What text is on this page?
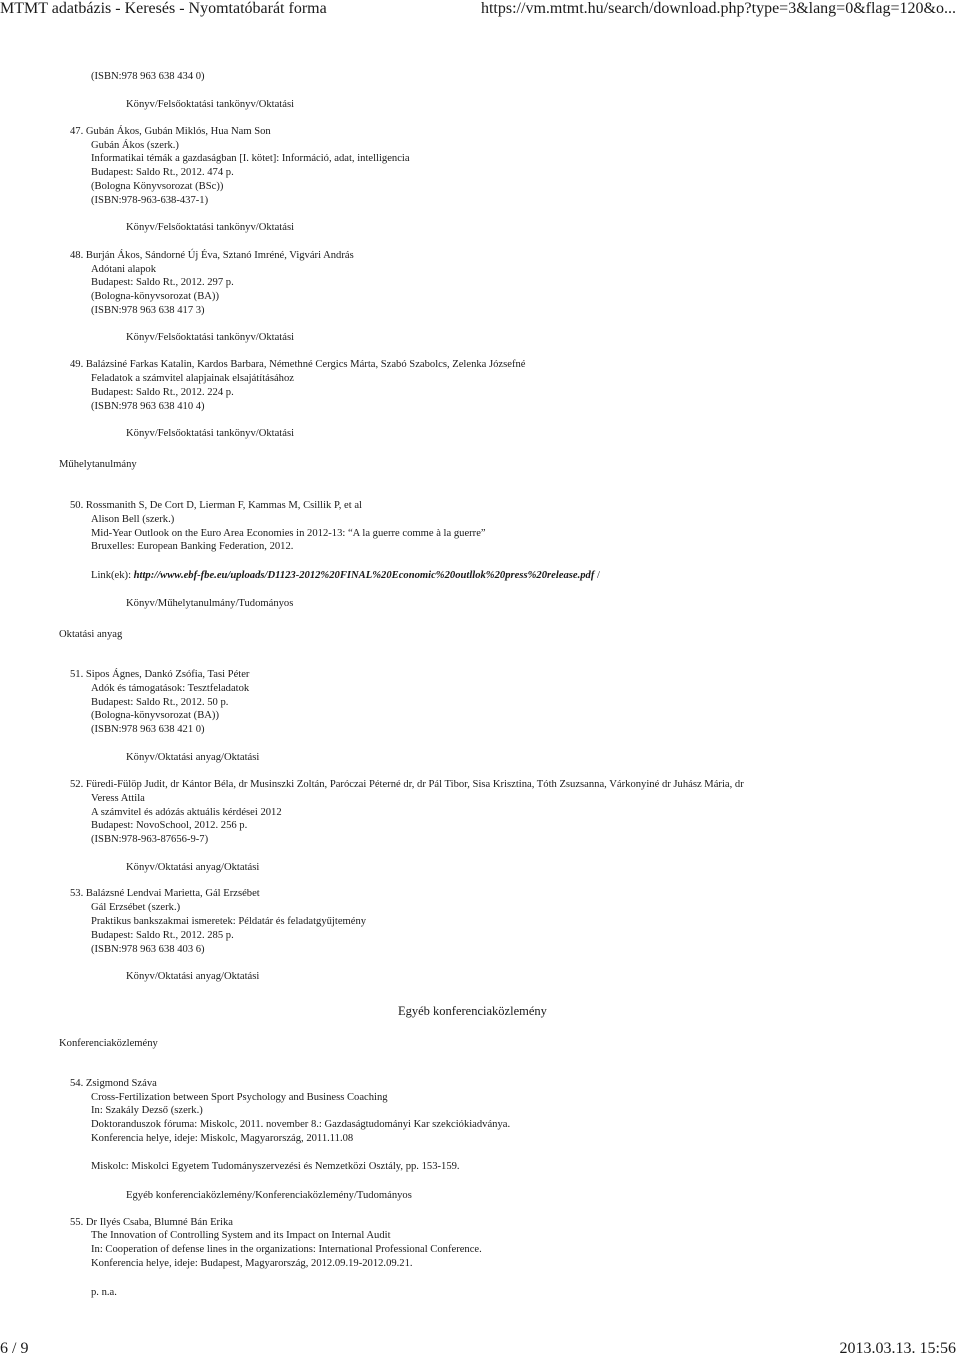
MTMT adatbázis - Keresés - Nyomtatóbarát forma	https://vm.mtmt.hu/search/download.php?type=3&lang=0&flag=120&o...
(ISBN:978 963 638 434 0)
Könyv/Felsőoktatási tankönyv/Oktatási
47. Gubán Ákos, Gubán Miklós, Hua Nam Son
Gubán Ákos (szerk.)
Informatikai témák a gazdaságban [I. kötet]: Információ, adat, intelligencia
Budapest: Saldo Rt., 2012. 474 p.
(Bologna Könyvsorozat (BSc))
(ISBN:978-963-638-437-1)
Könyv/Felsőoktatási tankönyv/Oktatási
48. Burján Ákos, Sándorné Új Éva, Sztanó Imréné, Vigvári András
Adótani alapok
Budapest: Saldo Rt., 2012. 297 p.
(Bologna-könyvsorozat (BA))
(ISBN:978 963 638 417 3)
Könyv/Felsőoktatási tankönyv/Oktatási
49. Balázsiné Farkas Katalin, Kardos Barbara, Némethné Cergics Márta, Szabó Szabolcs, Zelenka Józsefné
Feladatok a számvitel alapjainak elsajátításához
Budapest: Saldo Rt., 2012. 224 p.
(ISBN:978 963 638 410 4)
Könyv/Felsőoktatási tankönyv/Oktatási
Műhelytanulmány
50. Rossmanith S, De Cort D, Lierman F, Kammas M, Csillik P, et al
Alison Bell (szerk.)
Mid-Year Outlook on the Euro Area Economies in 2012-13: “A la guerre comme à la guerre”
Bruxelles: European Banking Federation, 2012.
Link(ek): http://www.ebf-fbe.eu/uploads/D1123-2012%20FINAL%20Economic%20outllok%20press%20release.pdf /
Könyv/Műhelytanulmány/Tudományos
Oktatási anyag
51. Sipos Ágnes, Dankó Zsófia, Tasi Péter
Adók és támogatások: Tesztfeladatok
Budapest: Saldo Rt., 2012. 50 p.
(Bologna-könyvsorozat (BA))
(ISBN:978 963 638 421 0)
Könyv/Oktatási anyag/Oktatási
52. Füredi-Fülöp Judit, dr Kántor Béla, dr Musinszki Zoltán, Paróczai Péterné dr, dr Pál Tibor, Sisa Krisztina, Tóth Zsuzsanna, Várkonyiné dr Juhász Mária, dr
Veress Attila
A számvitel és adózás aktuális kérdései 2012
Budapest: NovoSchool, 2012. 256 p.
(ISBN:978-963-87656-9-7)
Könyv/Oktatási anyag/Oktatási
53. Balázsné Lendvai Marietta, Gál Erzsébet
Gál Erzsébet (szerk.)
Praktikus bankszakmai ismeretek: Példatár és feladatgyűjtemény
Budapest: Saldo Rt., 2012. 285 p.
(ISBN:978 963 638 403 6)
Könyv/Oktatási anyag/Oktatási
Egyéb konferenciaközlemény
Konferenciaközlemény
54. Zsigmond Száva
Cross-Fertilization between Sport Psychology and Business Coaching
In: Szakály Dezső (szerk.)
Doktoranduszok fóruma: Miskolc, 2011. november 8.: Gazdaságtudományi Kar szekciókiadványa.
Konferencia helye, ideje: Miskolc, Magyarország, 2011.11.08
Miskolc: Miskolci Egyetem Tudományszervezési és Nemzetközi Osztály, pp. 153-159.
Egyéb konferenciaközlemény/Konferenciaközlemény/Tudományos
55. Dr Ilyés Csaba, Blumné Bán Erika
The Innovation of Controlling System and its Impact on Internal Audit
In: Cooperation of defense lines in the organizations: International Professional Conference.
Konferencia helye, ideje: Budapest, Magyarország, 2012.09.19-2012.09.21.
p. n.a.
6 / 9	2013.03.13. 15:56
